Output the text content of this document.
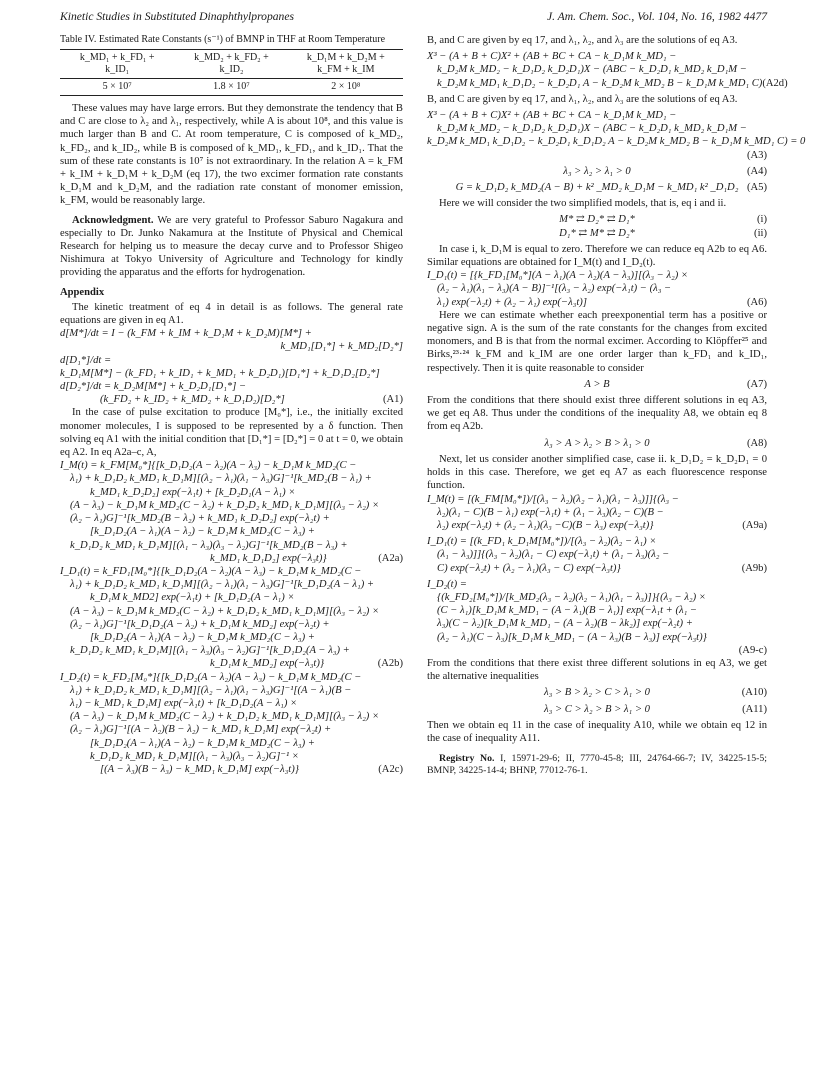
Kinetic Studies in Substituted Dinaphthylpropanes	J. Am. Chem. Soc., Vol. 104, No. 16, 1982 4477
Table IV. Estimated Rate Constants (s⁻¹) of BMNP in THF at Room Temperature
k_MD₁ + k_FD₁ +	k_MD₂ + k_FD₂ +	k_D₁M + k_D₂M +
k_ID₁	k_ID₂	k_FM + k_IM
5 × 10⁷	1.8 × 10⁷	2 × 10⁸

These values may have large errors. But they demonstrate the tendency that B and C are close to λ₂ and λ₁, respectively, while A is about 10⁸, and this value is much larger than B and C. At room temperature, C is composed of k_MD₂, k_FD₂, and k_ID₂, while B is composed of k_MD₁, k_FD₁, and k_ID₁. That the sum of these rate constants is 10⁷ is not extraordinary. In the relation A = k_FM + k_IM + k_D₁M + k_D₂M (eq 17), the two excimer formation rate constants k_D₁M and k_D₂M, and the radiation rate constant of monomer emission, k_FM, would be reasonably large.

Acknowledgment. We are very grateful to Professor Saburo Nagakura and especially to Dr. Junko Nakamura at the Institute of Physical and Chemical Research for helping us to measure the decay curve and to Professor Shigeo Nishimura at Tokyo University of Agriculture and Technology for kindly providing the apparatus and the efforts for hydrogenation.

Appendix

The kinetic treatment of eq 4 in detail is as follows. The general rate equations are given in eq A1.

d[M*]/dt = I − (k_FM + k_IM + k_D₁M + k_D₂M)[M*] +
k_MD₁[D₁*] + k_MD₂[D₂*]
d[D₁*]/dt =
k_D₁M[M*] − (k_FD₁ + k_ID₁ + k_MD₁ + k_D₂D₁)[D₁*] + k_D₁D₂[D₂*]
d[D₂*]/dt = k_D₂M[M*] + k_D₂D₁[D₁*] −
(k_FD₂ + k_ID₂ + k_MD₂ + k_D₁D₂)[D₂*]	(A1)

In the case of pulse excitation to produce [M₀*], i.e., the initially excited monomer molecules, I is supposed to be represented by a δ function. Then solving eq A1 with the initial condition that [D₁*] = [D₂*] = 0 at t = 0, we obtain eq A2. In eq A2a–c, A,

I_M(t) = k_FM[M₀*]{[k_D₁D₂(A − λ₂)(A − λ₃) − k_D₁M k_MD₂(C −
λ₁) + k_D₁D₂ k_MD₁ k_D₁M][(λ₂ − λ₁)(λ₁ − λ₃)G]⁻¹[k_MD₂(B − λ₁) +
k_MD₁ k_D₂D₂] exp(−λ₁t) + [k_D₂D₁(A − λ₁) ×
(A − λ₃) − k_D₁M k_MD₂(C − λ₂) + k_D₂D₂ k_MD₁ k_D₁M][(λ₃ − λ₂) ×
(λ₂ − λ₁)G]⁻¹[k_MD₂(B − λ₂) + k_MD₁ k_D₂D₂] exp(−λ₂t) +
[k_D₁D₂(A − λ₁)(A − λ₂) − k_D₁M k_MD₂(C − λ₃) +
k_D₁D₂ k_MD₁ k_D₁M][(λ₁ − λ₃)(λ₃ − λ₂)G]⁻¹[k_MD₂(B − λ₃) +
k_MD₁ k_D₁D₂] exp(−λ₃t)}	(A2a)
I_D₁(t) = k_FD₁[M₀*]{[k_D₁D₂(A − λ₂)(A − λ₃) − k_D₁M k_MD₂(C −
λ₁) + k_D₁D₂ k_MD₁ k_D₁M][(λ₂ − λ₁)(λ₁ − λ₃)G]⁻¹[k_D₁D₂(A − λ₁) +
k_D₁M k_MD2] exp(−λ₁t) + [k_D₁D₂(A − λ₁) ×
(A − λ₃) − k_D₁M k_MD₂(C − λ₂) + k_D₁D₂ k_MD₁ k_D₁M][(λ₃ − λ₂) ×
(λ₂ − λ₁)G]⁻¹[k_D₁D₂(A − λ₂) + k_D₁M k_MD₂] exp(−λ₂t) +
[k_D₁D₂(A − λ₁)(A − λ₂) − k_D₁M k_MD₂(C − λ₃) +
k_D₁D₂ k_MD₁ k_D₁M][(λ₁ − λ₃)(λ₃ − λ₂)G]⁻¹[k_D₁D₂(A − λ₃) +
k_D₁M k_MD₂] exp(−λ₃t)}	(A2b)
I_D₂(t) = k_FD₂[M₀*]{[k_D₁D₂(A − λ₂)(A − λ₃) − k_D₁M k_MD₂(C −
λ₁) + k_D₁D₂ k_MD₁ k_D₁M][(λ₂ − λ₁)(λ₁ − λ₃)G]⁻¹[(A − λ₁)(B −
λ₁) − k_MD₁ k_D₁M] exp(−λ₁t) + [k_D₁D₂(A − λ₁) ×
(A − λ₃) − k_D₁M k_MD₂(C − λ₂) + k_D₁D₂ k_MD₁ k_D₁M][(λ₃ − λ₂) ×
(λ₂ − λ₁)G]⁻¹[(A − λ₂)(B − λ₂) − k_MD₁ k_D₁M] exp(−λ₂t) +
[k_D₁D₂(A − λ₁)(A − λ₂) − k_D₁M k_MD₂(C − λ₃) +
k_D₁D₂ k_MD₁ k_D₁M][(λ₁ − λ₃)(λ₃ − λ₂)G]⁻¹ ×
[(A − λ₃)(B − λ₃) − k_MD₁ k_D₁M] exp(−λ₃t)}	(A2c)

B, and C are given by eq 17, and λ₁, λ₂, and λ₃ are the solutions of eq A3.

X³ − (A + B + C)X² + (AB + BC + CA − k_D₁M k_MD₁ −
k_D₂M k_MD₂ − k_D₁D₂ k_D₂D₁)X − (ABC − k_D₂D₁ k_MD₂ k_D₁M −
k_D₂M k_MD₁ k_D₁D₂ − k_D₂D₁ A − k_D₂M k_MD₂ B − k_D₁M k_MD₁ C) (A2d)

B, and C are given by eq 17, and λ₁, λ₂, and λ₃ are the solutions of eq A3.

X³ − (A + B + C)X² + (AB + BC + CA − k_D₁M k_MD₁ −
k_D₂M k_MD₂ − k_D₁D₂ k_D₂D₁)X − (ABC − k_D₂D₁ k_MD₂ k_D₁M −
k_D₂M k_MD₁ k_D₁D₂ − k_D₂D₁ k_D₁D₂ A − k_D₂M k_MD₂ B − k_D₁M k_MD₁ C) = 0
(A3)
λ₃ > λ₂ > λ₁ > 0	(A4)
G = k_D₁D₂ k_MD₂(A − B) + k² _MD₂ k_D₁M − k_MD₁ k² _D₁D₂ (A5)

Here we will consider the two simplified models, that is, eq i and ii.

M* ⇄ D₂* ⇄ D₁*	(i)
D₁* ⇄ M* ⇄ D₂*	(ii)

In case i, k_D₁M is equal to zero. Therefore we can reduce eq A2b to eq A6. Similar equations are obtained for I_M(t) and I_D₂(t).

I_D₁(t) = [{k_FD₁[M₀*](A − λ₁)(A − λ₂)(A − λ₃)][(λ₃ − λ₂) ×
(λ₂ − λ₁)(λ₁ − λ₃)(A − B)]⁻¹[(λ₃ − λ₂) exp(−λ₁t) − (λ₃ −
λ₁) exp(−λ₂t) + (λ₂ − λ₁) exp(−λ₃t)]	(A6)

Here we can estimate whether each preexponential term has a positive or negative sign. A is the sum of the rate constants for the changes from excited monomers, and B is that from the normal excimer. According to Klöpffer²⁵ and Birks,²³·²⁴ k_FM and k_IM are one order larger than k_FD₁ and k_ID₁, respectively. Then it is quite reasonable to consider

A > B	(A7)

From the conditions that there should exist three different solutions in eq A3, we get eq A8. Thus under the conditions of the inequality A8, we obtain eq 8 from eq A2b.

λ₃ > A > λ₂ > B > λ₁ > 0	(A8)

Next, let us consider another simplified case, case ii. k_D₁D₂ = k_D₂D₁ = 0 holds in this case. Therefore, we get eq A7 as each fluorescence response function.

I_M(t) = [(k_FM[M₀*])/[(λ₃ − λ₂)(λ₂ − λ₁)(λ₁ − λ₃)]]{(λ₃ −
λ₂)(λ₁ − C)(B − λ₁) exp(−λ₁t) + (λ₁ − λ₃)(λ₂ − C)(B −
λ₂) exp(−λ₂t) + (λ₂ − λ₁)(λ₃ −C)(B − λ₃) exp(−λ₃t)}	(A9a)
I_D₁(t) = [(k_FD₁ k_D₁M[M₀*])/[(λ₃ − λ₂)(λ₂ − λ₁) ×
(λ₁ − λ₃)]]{(λ₃ − λ₂)(λ₁ − C) exp(−λ₁t) + (λ₁ − λ₃)(λ₂ −
C) exp(−λ₂t) + (λ₂ − λ₁)(λ₃ − C) exp(−λ₃t)}	(A9b)
I_D₂(t) =
{(k_FD₂[M₀*])/[k_MD₂(λ₃ − λ₂)(λ₂ − λ₁)(λ₁ − λ₃)]}{(λ₃ − λ₂) ×
(C − λ₁)[k_D₁M k_MD₁ − (A − λ₁)(B − λ₁)] exp(−λ₁t + (λ₁ −
λ₃)(C − λ₂)[k_D₁M k_MD₁ − (A − λ₂)(B − λk₂)] exp(−λ₂t) +
(λ₂ − λ₁)(C − λ₃)[k_D₁M k_MD₁ − (A − λ₃)(B − λ₃)] exp(−λ₃t)}
(A9-c)

From the conditions that there exist three different solutions in eq A3, we get the alternative inequalities

λ₃ > B > λ₂ > C > λ₁ > 0	(A10)
λ₃ > C > λ₂ > B > λ₁ > 0	(A11)

Then we obtain eq 11 in the case of inequality A10, while we obtain eq 12 in the case of inequality A11.

Registry No. I, 15971-29-6; II, 7770-45-8; III, 24764-66-7; IV, 34225-15-5; BMNP, 34225-14-4; BHNP, 77012-76-1.
